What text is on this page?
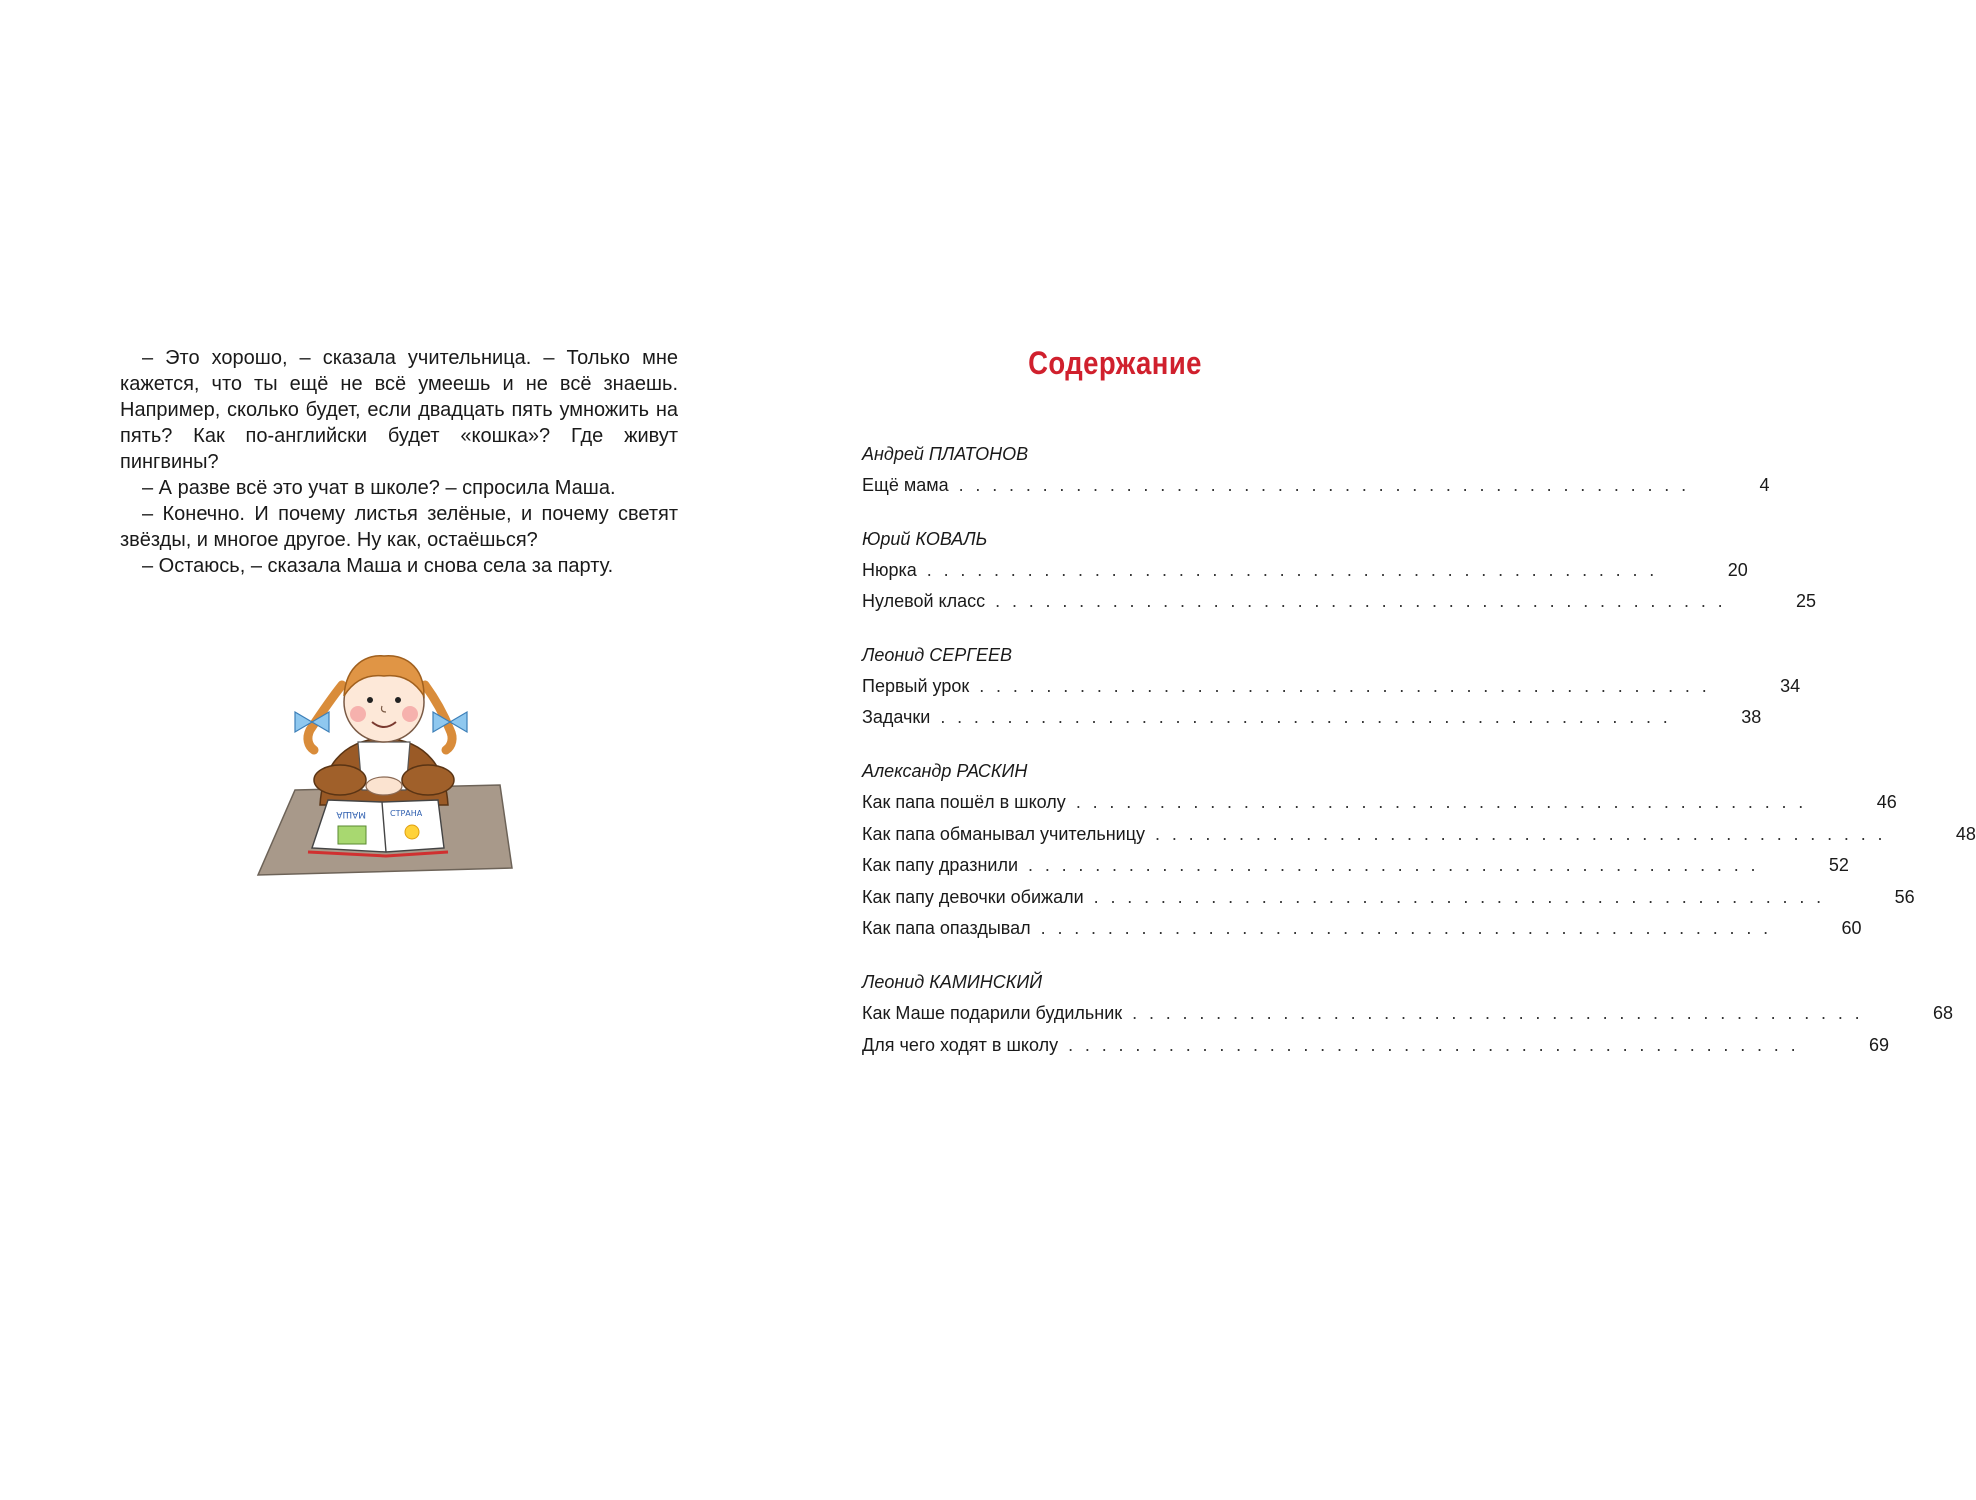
– Это хорошо, – сказала учительница. – Только мне кажется, что ты ещё не всё умеешь и не всё знаешь. Например, сколько будет, если двадцать пять умножить на пять? Как по-английски будет «кошка»? Где живут пингвины?

– А разве всё это учат в школе? – спросила Маша.

– Конечно. И почему листья зелёные, и почему светят звёзды, и многое другое. Ну как, остаёшься?

– Остаюсь, – сказала Маша и снова села за парту.

МАША	СТРАНА
Содержание
Андрей ПЛАТОНОВ
Ещё мама . . . . . . . . . . . . . . . . . . . . . . . . . . . . . . . . . . . . . . . . . . . .	4
Юрий КОВАЛЬ
Нюрка . . . . . . . . . . . . . . . . . . . . . . . . . . . . . . . . . . . . . . . . . . . .	20
Нулевой класс . . . . . . . . . . . . . . . . . . . . . . . . . . . . . . . . . . . . . . . . . . . .	25
Леонид СЕРГЕЕВ
Первый урок . . . . . . . . . . . . . . . . . . . . . . . . . . . . . . . . . . . . . . . . . . . .	34
Задачки . . . . . . . . . . . . . . . . . . . . . . . . . . . . . . . . . . . . . . . . . . . .	38
Александр РАСКИН
Как папа пошёл в школу . . . . . . . . . . . . . . . . . . . . . . . . . . . . . . . . . . . . . . . . . . . .	46
Как папа обманывал учительницу . . . . . . . . . . . . . . . . . . . . . . . . . . . . . . . . . . . . . . . . . . . .	48
Как папу дразнили . . . . . . . . . . . . . . . . . . . . . . . . . . . . . . . . . . . . . . . . . . . .	52
Как папу девочки обижали . . . . . . . . . . . . . . . . . . . . . . . . . . . . . . . . . . . . . . . . . . . .	56
Как папа опаздывал . . . . . . . . . . . . . . . . . . . . . . . . . . . . . . . . . . . . . . . . . . . .	60
Леонид КАМИНСКИЙ
Как Маше подарили будильник . . . . . . . . . . . . . . . . . . . . . . . . . . . . . . . . . . . . . . . . . . . .	68
Для чего ходят в школу . . . . . . . . . . . . . . . . . . . . . . . . . . . . . . . . . . . . . . . . . . . .	69
